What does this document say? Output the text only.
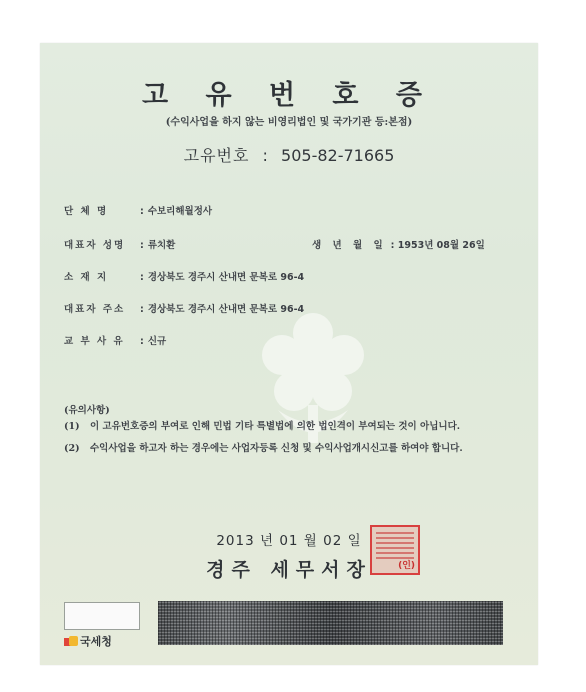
고 유 번 호 증
(수익사업을 하지 않는 비영리법인 및 국가기관 등:본점)
고유번호 : 505-82-71665
단 체 명	: 수보리해월정사
대표자 성명 : 류치환	생 년 월 일 : 1953년 08월 26일
소 재 지	: 경상북도 경주시 산내면 문복로 96-4
대표자 주소 : 경상북도 경주시 산내면 문복로 96-4
교 부 사 유 : 신규
(유의사항)
(1)	이 고유번호증의 부여로 인해 민법 기타 특별법에 의한 법인격이 부여되는 것이 아닙니다.
(2)	수익사업을 하고자 하는 경우에는 사업자등록 신청 및 수익사업개시신고를 하여야 합니다.
2013 년 01 월 02 일
경주 세무서장	(인)
국세청
